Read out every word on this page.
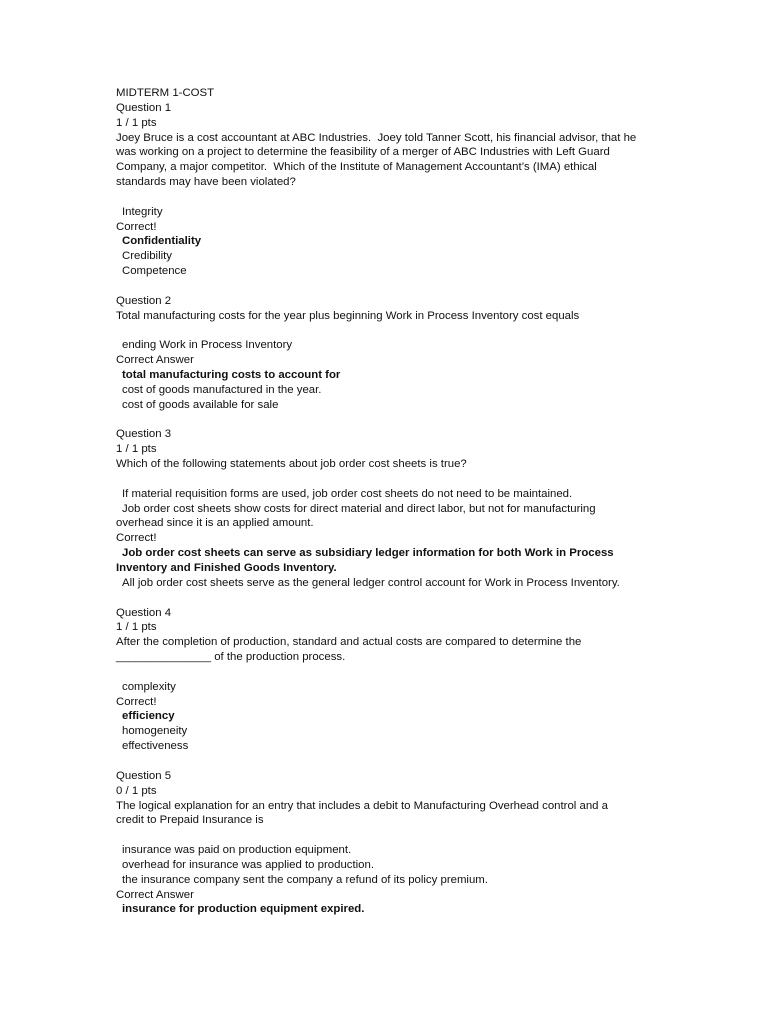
MIDTERM 1-COST
Question 1
1 / 1 pts
Joey Bruce is a cost accountant at ABC Industries.  Joey told Tanner Scott, his financial advisor, that he
was working on a project to determine the feasibility of a merger of ABC Industries with Left Guard
Company, a major competitor.  Which of the Institute of Management Accountant’s (IMA) ethical
standards may have been violated?
Integrity
Correct!
Confidentiality
Credibility
Competence
Question 2
Total manufacturing costs for the year plus beginning Work in Process Inventory cost equals
ending Work in Process Inventory
Correct Answer
total manufacturing costs to account for
cost of goods manufactured in the year.
cost of goods available for sale
Question 3
1 / 1 pts
Which of the following statements about job order cost sheets is true?
If material requisition forms are used, job order cost sheets do not need to be maintained.
Job order cost sheets show costs for direct material and direct labor, but not for manufacturing
overhead since it is an applied amount.
Correct!
Job order cost sheets can serve as subsidiary ledger information for both Work in Process
Inventory and Finished Goods Inventory.
All job order cost sheets serve as the general ledger control account for Work in Process Inventory.
Question 4
1 / 1 pts
After the completion of production, standard and actual costs are compared to determine the
_______________ of the production process.
complexity
Correct!
efficiency
homogeneity
effectiveness
Question 5
0 / 1 pts
The logical explanation for an entry that includes a debit to Manufacturing Overhead control and a
credit to Prepaid Insurance is
insurance was paid on production equipment.
overhead for insurance was applied to production.
the insurance company sent the company a refund of its policy premium.
Correct Answer
insurance for production equipment expired.
